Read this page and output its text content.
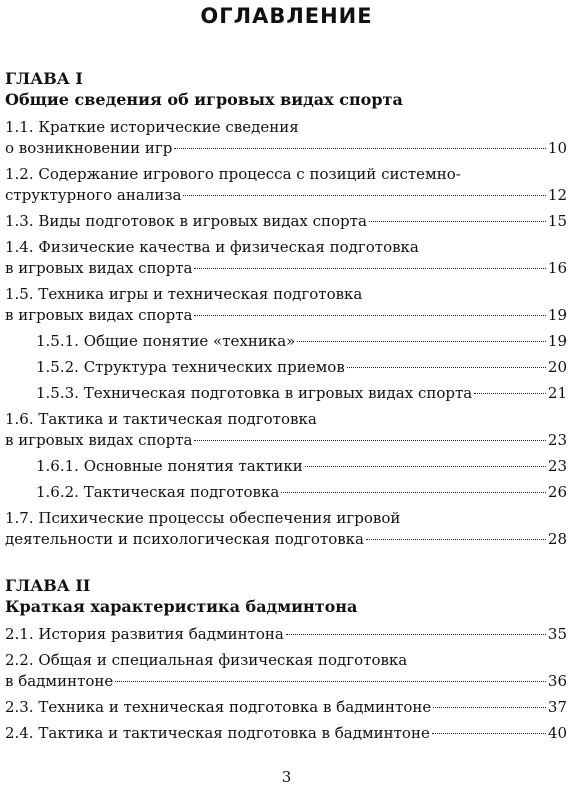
ОГЛАВЛЕНИЕ
ГЛАВА I
Общие сведения об игровых видах спорта
1.1. Краткие исторические сведения
о возникновении игр	10
1.2. Содержание игрового процесса с позиций системно-
структурного анализа	12
1.3. Виды подготовок в игровых видах спорта	15
1.4. Физические качества и физическая подготовка
в игровых видах спорта	16
1.5. Техника игры и техническая подготовка
в игровых видах спорта	19
1.5.1. Общие понятие «техника»	19
1.5.2. Структура технических приемов	20
1.5.3. Техническая подготовка в игровых видах спорта	21
1.6. Тактика и тактическая подготовка
в игровых видах спорта	23
1.6.1. Основные понятия тактики	23
1.6.2. Тактическая подготовка	26
1.7. Психические процессы обеспечения игровой
деятельности и психологическая подготовка	28
ГЛАВА II
Краткая характеристика бадминтона
2.1. История развития бадминтона	35
2.2. Общая и специальная физическая подготовка
в бадминтоне	36
2.3. Техника и техническая подготовка в бадминтоне	37
2.4. Тактика и тактическая подготовка в бадминтоне	40
3
